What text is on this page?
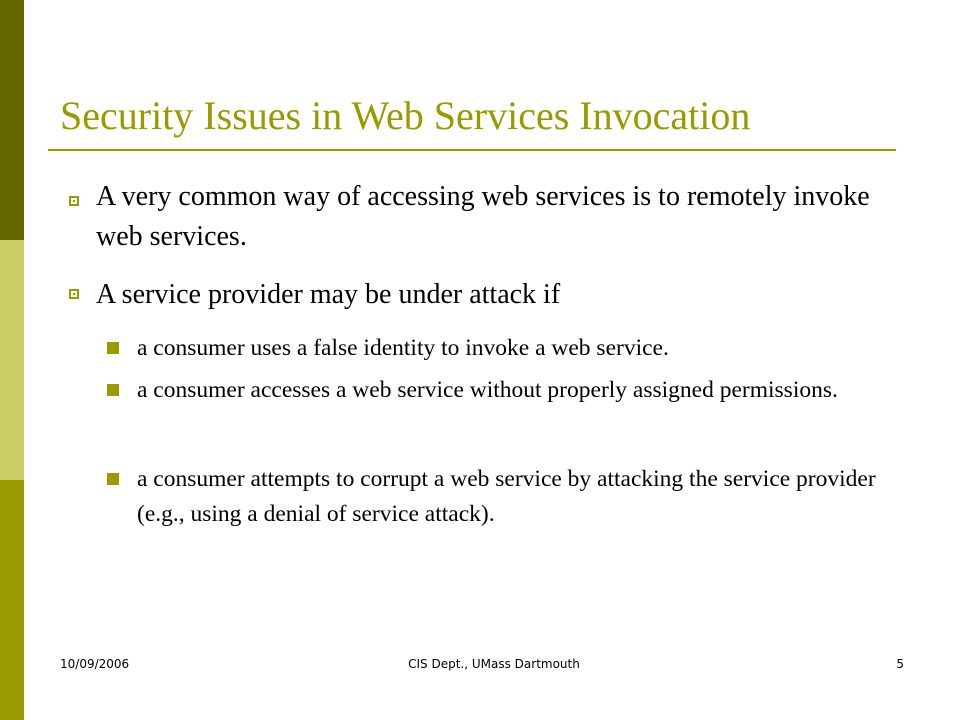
Security Issues in Web Services Invocation
A very common way of accessing web services is to remotely invoke web services.
A service provider may be under attack if
a consumer uses a false identity to invoke a web service.
a consumer accesses a web service without properly assigned permissions.
a consumer attempts to corrupt a web service by attacking the service provider (e.g., using a denial of service attack).
10/09/2006	CIS Dept., UMass Dartmouth	5
